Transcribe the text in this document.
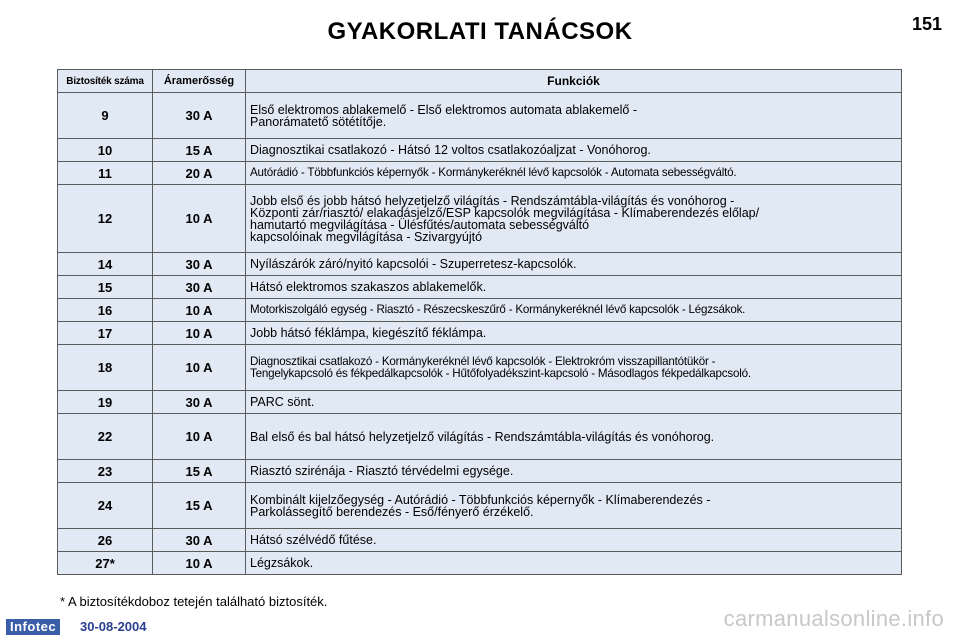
GYAKORLATI TANÁCSOK	151
Biztosíték száma	Áramerősség	Funkciók
9	30 A	Első elektromos ablakemelő - Első elektromos automata ablakemelő -
Panorámatető sötétítője.
10	15 A	Diagnosztikai csatlakozó - Hátsó 12 voltos csatlakozóaljzat - Vonóhorog.
11	20 A	Autórádió - Többfunkciós képernyők - Kormánykeréknél lévő kapcsolók - Automata sebességváltó.
12	10 A	Jobb első és jobb hátsó helyzetjelző világítás - Rendszámtábla-világítás és vonóhorog -
Központi zár/riasztó/ elakadásjelző/ESP kapcsolók megvilágítása - Klímaberendezés előlap/
hamutartó megvilágítása - Ülésfűtés/automata sebességváltó
kapcsolóinak megvilágítása - Szivargyújtó
14	30 A	Nyílászárók záró/nyitó kapcsolói - Szuperretesz-kapcsolók.
15	30 A	Hátsó elektromos szakaszos ablakemelők.
16	10 A	Motorkiszolgáló egység - Riasztó - Részecskeszűrő - Kormánykeréknél lévő kapcsolók - Légzsákok.
17	10 A	Jobb hátsó féklámpa, kiegészítő féklámpa.
18	10 A	Diagnosztikai csatlakozó - Kormánykeréknél lévő kapcsolók - Elektrokróm visszapillantótükör -
Tengelykapcsoló és fékpedálkapcsolók - Hűtőfolyadékszint-kapcsoló - Másodlagos fékpedálkapcsoló.
19	30 A	PARC sönt.
22	10 A	Bal első és bal hátsó helyzetjelző világítás - Rendszámtábla-világítás és vonóhorog.
23	15 A	Riasztó szirénája - Riasztó térvédelmi egysége.
24	15 A	Kombinált kijelzőegység - Autórádió - Többfunkciós képernyők - Klímaberendezés -
Parkolássegítő berendezés - Eső/fényerő érzékelő.
26	30 A	Hátsó szélvédő fűtése.
27*	10 A	Légzsákok.
* A biztosítékdoboz tetején található biztosíték.
Infotec	30-08-2004	carmanualsonline.info
